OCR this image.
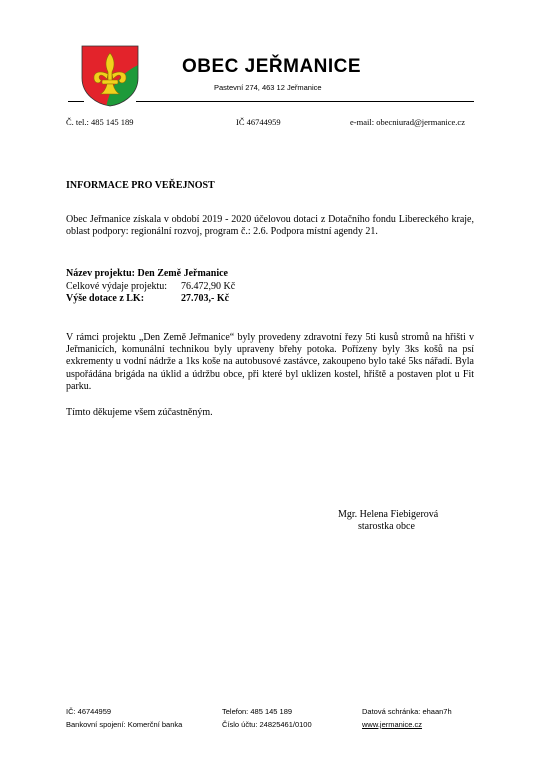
OBEC JEŘMANICE
Pastevní 274, 463 12 Jeřmanice
Č. tel.: 485 145 189	IČ 46744959	e-mail: obecniurad@jermanice.cz
INFORMACE PRO VEŘEJNOST
Obec Jeřmanice získala v období 2019 - 2020 účelovou dotaci z Dotačního fondu Libereckého kraje, oblast podpory: regionální rozvoj, program č.: 2.6. Podpora místní agendy 21.
Název projektu: Den Země Jeřmanice
Celkové výdaje projektu: 76.472,90 Kč
Výše dotace z LK:	27.703,- Kč
V rámci projektu „Den Země Jeřmanice“ byly provedeny zdravotní řezy 5ti kusů stromů na hřišti v Jeřmanicích, komunální technikou byly upraveny břehy potoka. Pořízeny byly 3ks košů na psí exkrementy u vodní nádrže a 1ks koše na autobusové zastávce, zakoupeno bylo také 5ks nářadí. Byla uspořádána brigáda na úklid a údržbu obce, při které byl uklizen kostel, hřiště a postaven plot u Fit parku.
Tímto děkujeme všem zúčastněným.
Mgr. Helena Fiebigerová
starostka obce
IČ: 46744959
Bankovní spojení: Komerční banka
Telefon: 485 145 189
Číslo účtu: 24825461/0100
Datová schránka: ehaan7h
www.jermanice.cz
